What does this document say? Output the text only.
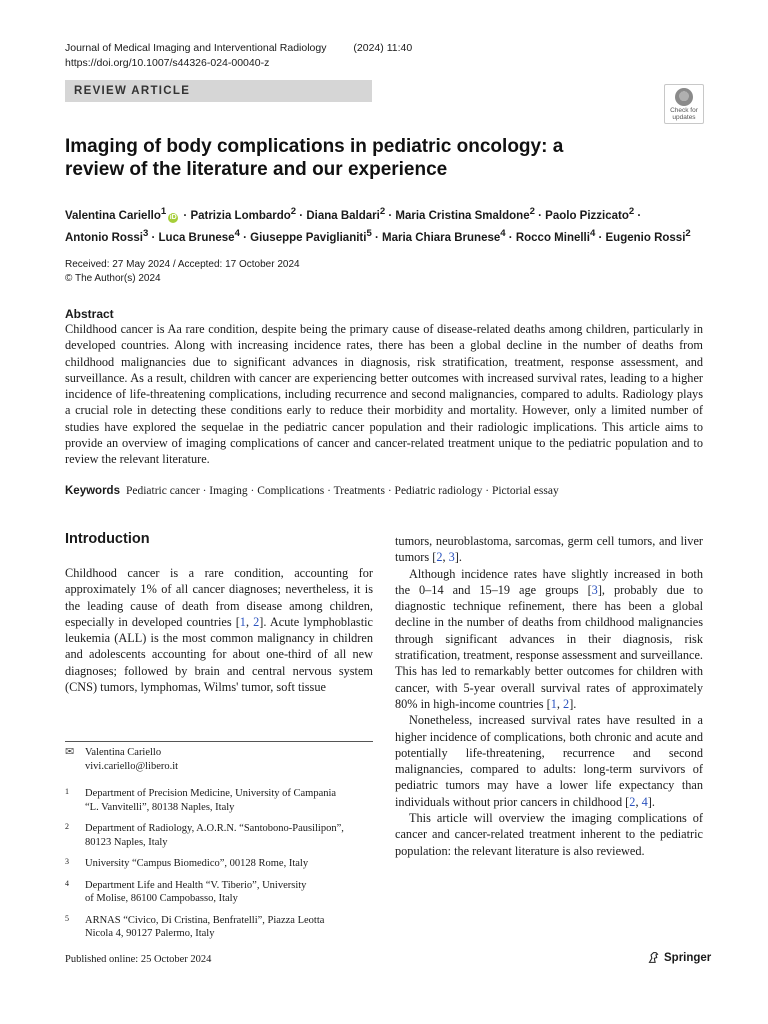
Journal of Medical Imaging and Interventional Radiology	(2024) 11:40
https://doi.org/10.1007/s44326-024-00040-z
REVIEW ARTICLE
Check for
updates
Imaging of body complications in pediatric oncology: a review of the literature and our experience
Valentina Cariello$^1$iD · Patrizia Lombardo$^2$ · Diana Baldari$^2$ · Maria Cristina Smaldone$^2$ · Paolo Pizzicato$^2$ ·
Antonio Rossi$^3$ · Luca Brunese$^4$ · Giuseppe Paviglianiti$^5$ · Maria Chiara Brunese$^4$ · Rocco Minelli$^4$ · Eugenio Rossi$^2$
Received: 27 May 2024 / Accepted: 17 October 2024
© The Author(s) 2024
Abstract
Childhood cancer is Aa rare condition, despite being the primary cause of disease-related deaths among children, particularly in developed countries. Along with increasing incidence rates, there has been a global decline in the number of deaths from childhood malignancies due to significant advances in diagnosis, risk stratification, treatment, response assessment, and surveillance. As a result, children with cancer are experiencing better outcomes with increased survival rates, leading to a higher incidence of life-threatening complications, including recurrence and second malignancies, compared to adults. Radiology plays a crucial role in detecting these conditions early to reduce their morbidity and mortality. However, only a limited number of studies have explored the sequelae in the pediatric cancer population and their radiologic implications. This article aims to provide an overview of imaging complications of cancer and cancer-related treatment unique to the pediatric population and to review the relevant literature.
Keywords Pediatric cancer · Imaging · Complications · Treatments · Pediatric radiology · Pictorial essay
Introduction

Childhood cancer is a rare condition, accounting for approximately 1% of all cancer diagnoses; nevertheless, it is the leading cause of death from disease among children, especially in developed countries [1, 2]. Acute lymphoblastic leukemia (ALL) is the most common malignancy in children and adolescents accounting for about one-third of all new diagnoses; followed by brain and central nervous system (CNS) tumors, lymphomas, Wilms' tumor, soft tissue

tumors, neuroblastoma, sarcomas, germ cell tumors, and liver tumors [2, 3].

Although incidence rates have slightly increased in both the 0–14 and 15–19 age groups [3], probably due to diagnostic technique refinement, there has been a global decline in the number of deaths from childhood malignancies through significant advances in their diagnosis, risk stratification, treatment, response assessment and surveillance. This has led to remarkably better outcomes for children with cancer, with 5-year overall survival rates of approximately 80% in high-income countries [1, 2].

Nonetheless, increased survival rates have resulted in a higher incidence of complications, both chronic and acute and potentially life-threatening, recurrence and second malignancies, compared to adults: long-term survivors of pediatric tumors may have a lower life expectancy than individuals without prior cancers in childhood [2, 4].

This article will overview the imaging complications of cancer and cancer-related treatment inherent to the pediatric population: the relevant literature is also reviewed.

✉	Valentina Cariello
vivi.cariello@libero.it
1	Department of Precision Medicine, University of Campania
“L. Vanvitelli”, 80138 Naples, Italy
2	Department of Radiology, A.O.R.N. “Santobono-Pausilipon”,
80123 Naples, Italy
3	University “Campus Biomedico”, 00128 Rome, Italy
4	Department Life and Health “V. Tiberio”, University
of Molise, 86100 Campobasso, Italy
5	ARNAS “Civico, Di Cristina, Benfratelli”, Piazza Leotta
Nicola 4, 90127 Palermo, Italy
Published online: 25 October 2024	Springer
